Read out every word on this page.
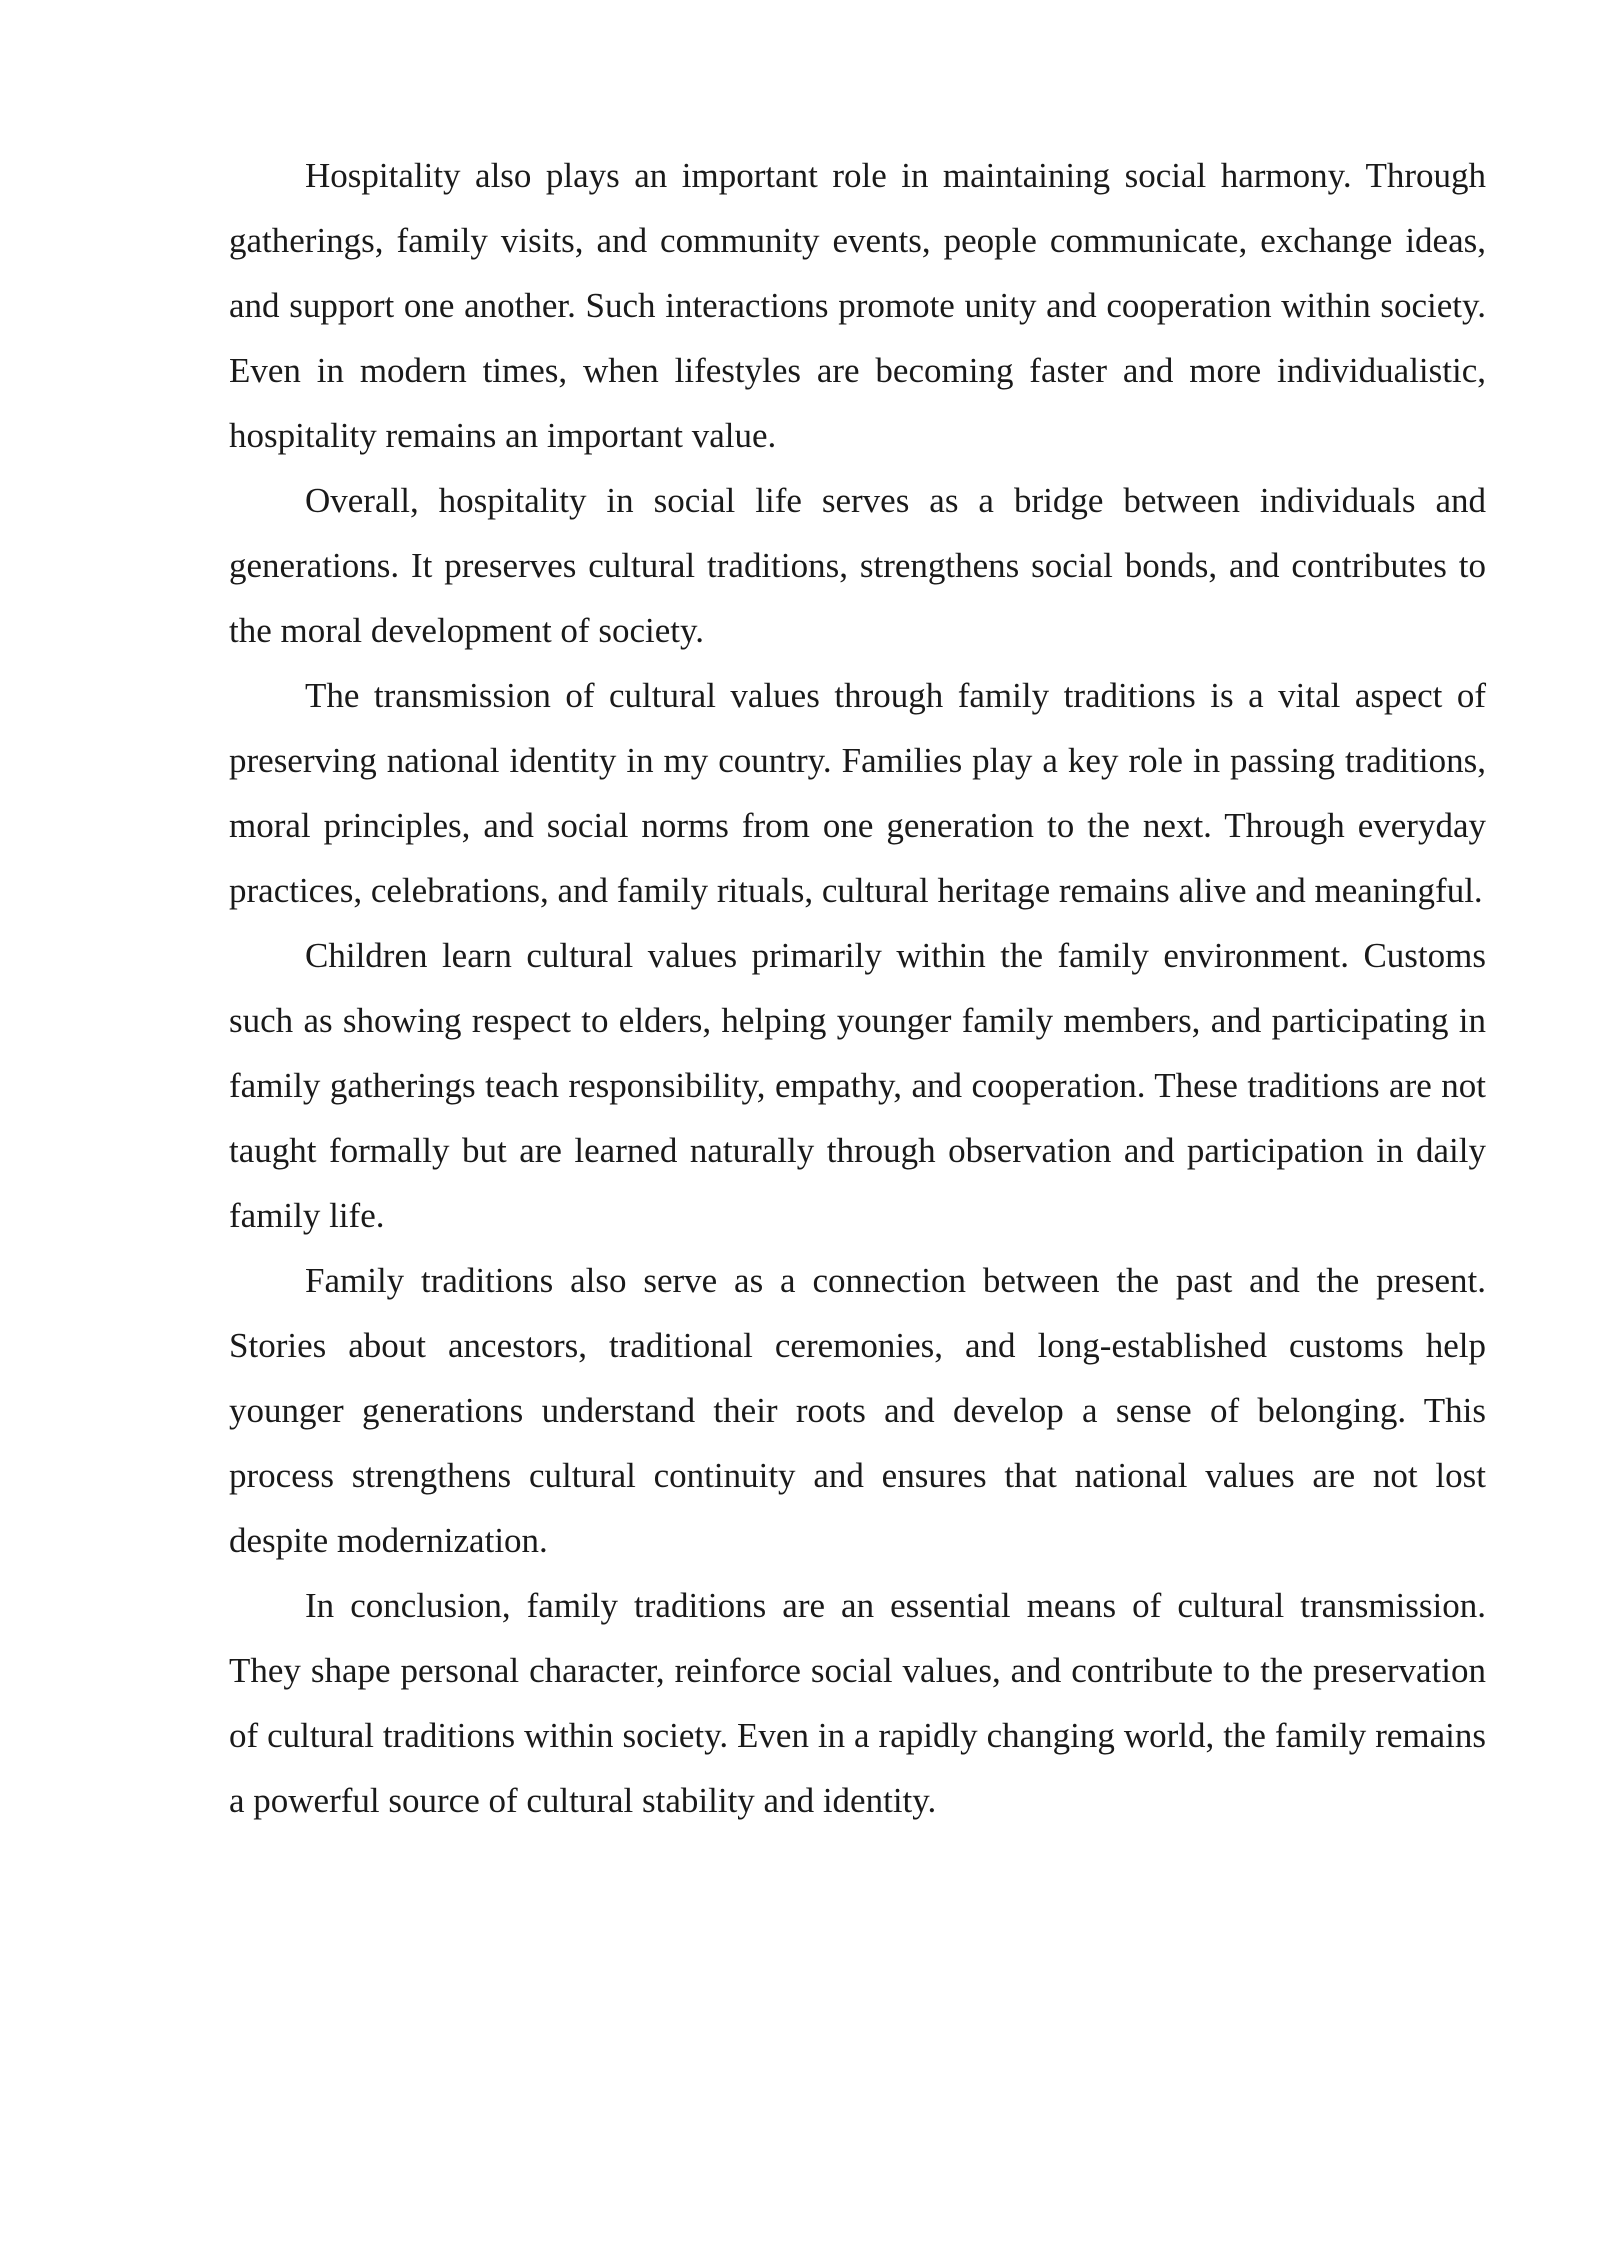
Hospitality also plays an important role in maintaining social harmony. Through gatherings, family visits, and community events, people communicate, exchange ideas, and support one another. Such interactions promote unity and cooperation within society. Even in modern times, when lifestyles are becoming faster and more individualistic, hospitality remains an important value.

Overall, hospitality in social life serves as a bridge between individuals and generations. It preserves cultural traditions, strengthens social bonds, and contributes to the moral development of society.

The transmission of cultural values through family traditions is a vital aspect of preserving national identity in my country. Families play a key role in passing traditions, moral principles, and social norms from one generation to the next. Through everyday practices, celebrations, and family rituals, cultural heritage remains alive and meaningful.

Children learn cultural values primarily within the family environment. Customs such as showing respect to elders, helping younger family members, and participating in family gatherings teach responsibility, empathy, and cooperation. These traditions are not taught formally but are learned naturally through observation and participation in daily family life.

Family traditions also serve as a connection between the past and the present. Stories about ancestors, traditional ceremonies, and long-established customs help younger generations understand their roots and develop a sense of belonging. This process strengthens cultural continuity and ensures that national values are not lost despite modernization.

In conclusion, family traditions are an essential means of cultural transmission. They shape personal character, reinforce social values, and contribute to the preservation of cultural traditions within society. Even in a rapidly changing world, the family remains a powerful source of cultural stability and identity.
